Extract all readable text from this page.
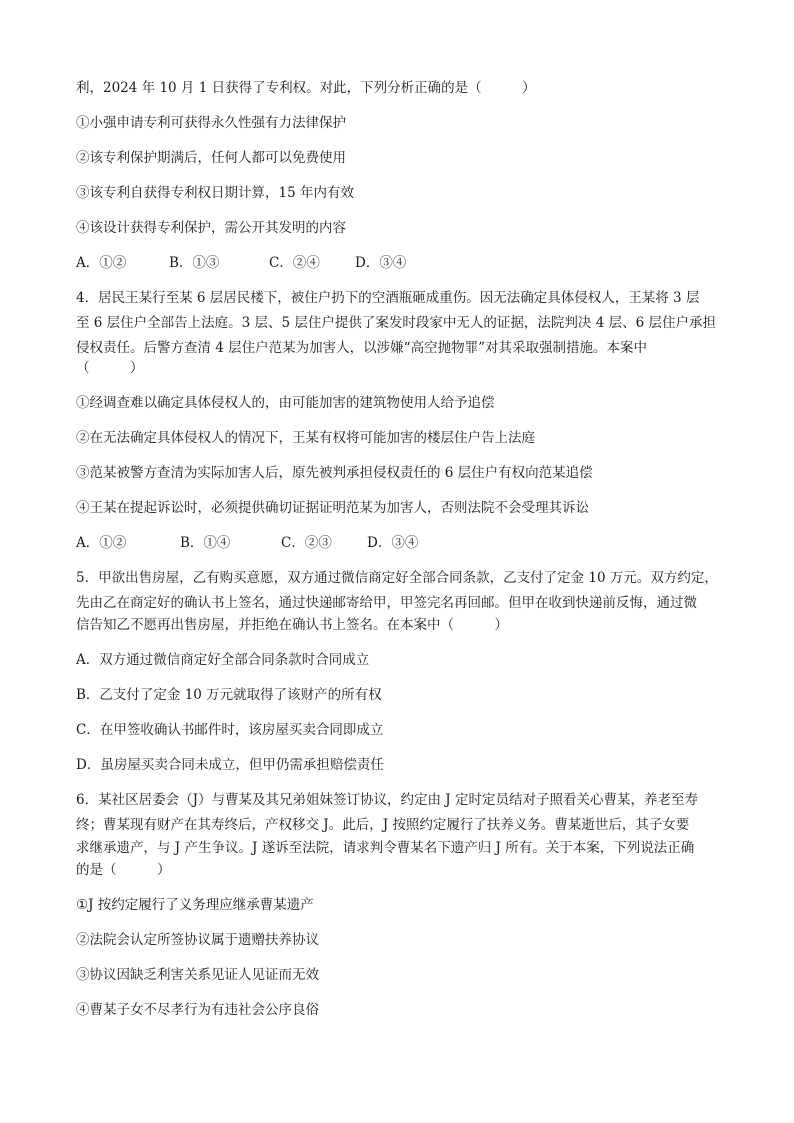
利，2024 年 10 月 1 日获得了专利权。对此，下列分析正确的是（　　　）
①小强申请专利可获得永久性强有力法律保护
②该专利保护期满后，任何人都可以免费使用
③该专利自获得专利权日期计算，15 年内有效
④该设计获得专利保护，需公开其发明的内容
A．①②	B．①③	C．②④	D．③④
4．居民王某行至某 6 层居民楼下，被住户扔下的空酒瓶砸成重伤。因无法确定具体侵权人，王某将 3 层
至 6 层住户全部告上法庭。3 层、5 层住户提供了案发时段家中无人的证据，法院判决 4 层、6 层住户承担
侵权责任。后警方查清 4 层住户范某为加害人，以涉嫌“高空抛物罪”对其采取强制措施。本案中
（　　　）
①经调查难以确定具体侵权人的，由可能加害的建筑物使用人给予追偿
②在无法确定具体侵权人的情况下，王某有权将可能加害的楼层住户告上法庭
③范某被警方查清为实际加害人后，原先被判承担侵权责任的 6 层住户有权向范某追偿
④王某在提起诉讼时，必须提供确切证据证明范某为加害人，否则法院不会受理其诉讼
A．①②	B．①④	C．②③	D．③④
5．甲欲出售房屋，乙有购买意愿，双方通过微信商定好全部合同条款，乙支付了定金 10 万元。双方约定，
先由乙在商定好的确认书上签名，通过快递邮寄给甲，甲签完名再回邮。但甲在收到快递前反悔，通过微
信告知乙不愿再出售房屋，并拒绝在确认书上签名。在本案中（　　　）
A．双方通过微信商定好全部合同条款时合同成立
B．乙支付了定金 10 万元就取得了该财产的所有权
C．在甲签收确认书邮件时，该房屋买卖合同即成立
D．虽房屋买卖合同未成立，但甲仍需承担赔偿责任
6．某社区居委会（J）与曹某及其兄弟姐妹签订协议，约定由 J 定时定员结对子照看关心曹某，养老至寿
终；曹某现有财产在其寿终后，产权移交 J。此后，J 按照约定履行了扶养义务。曹某逝世后，其子女要
求继承遗产，与 J 产生争议。J 遂诉至法院，请求判令曹某名下遗产归 J 所有。关于本案，下列说法正确
的是（　　　）
①J 按约定履行了义务理应继承曹某遗产
②法院会认定所签协议属于遗赠扶养协议
③协议因缺乏利害关系见证人见证而无效
④曹某子女不尽孝行为有违社会公序良俗
